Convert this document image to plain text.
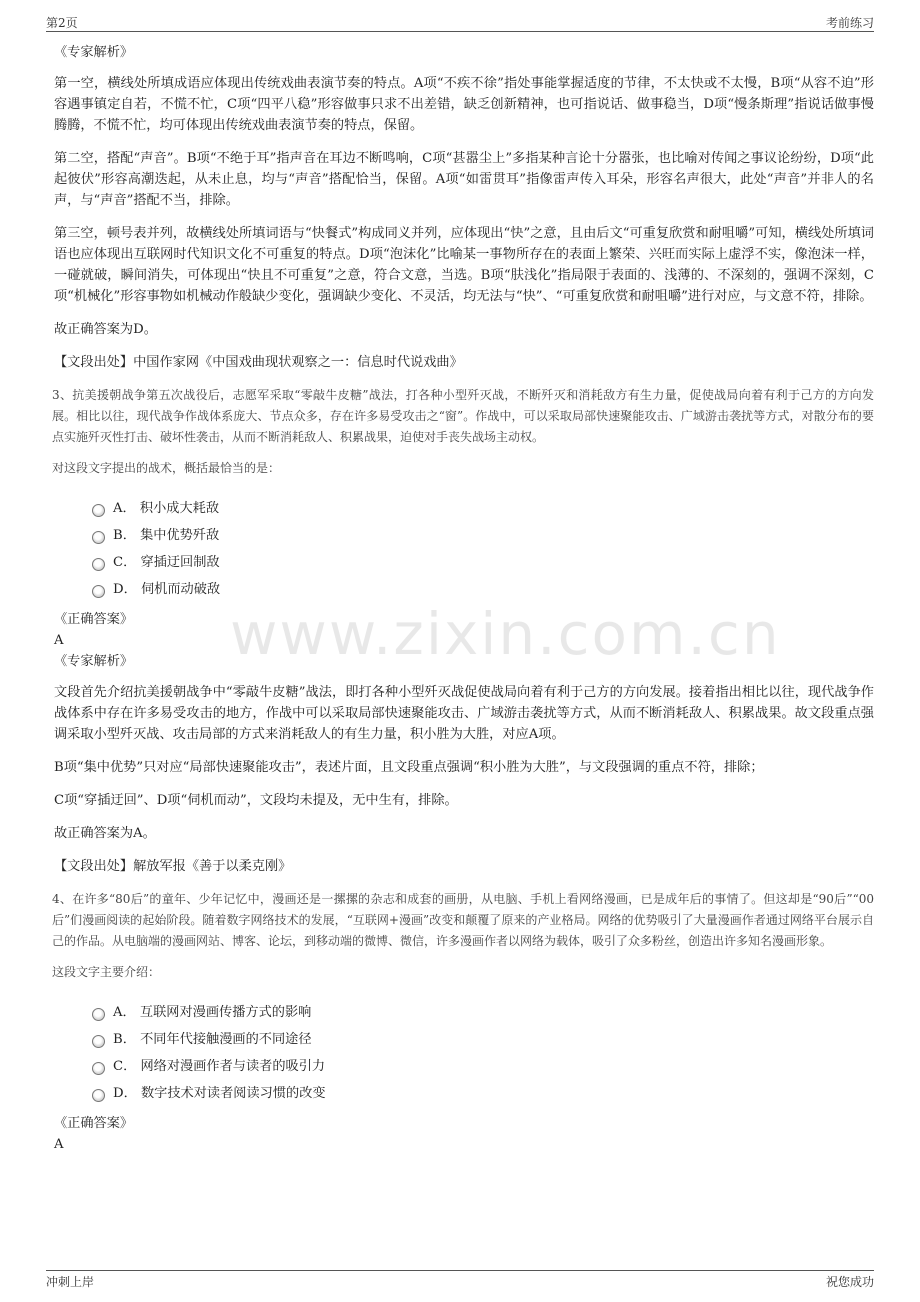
第2页	考前练习
www.zixin.com.cn
《专家解析》
第一空，横线处所填成语应体现出传统戏曲表演节奏的特点。A项“不疾不徐”指处事能掌握适度的节律，不太快或不太慢，B项“从容不迫”形容遇事镇定自若，不慌不忙，C项“四平八稳”形容做事只求不出差错，缺乏创新精神，也可指说话、做事稳当，D项“慢条斯理”指说话做事慢腾腾，不慌不忙，均可体现出传统戏曲表演节奏的特点，保留。
第二空，搭配“声音”。B项“不绝于耳”指声音在耳边不断鸣响，C项“甚嚣尘上”多指某种言论十分嚣张，也比喻对传闻之事议论纷纷，D项“此起彼伏”形容高潮迭起，从未止息，均与“声音”搭配恰当，保留。A项“如雷贯耳”指像雷声传入耳朵，形容名声很大，此处“声音”并非人的名声，与“声音”搭配不当，排除。
第三空，顿号表并列，故横线处所填词语与“快餐式”构成同义并列，应体现出“快”之意，且由后文“可重复欣赏和耐咀嚼”可知，横线处所填词语也应体现出互联网时代知识文化不可重复的特点。D项“泡沫化”比喻某一事物所存在的表面上繁荣、兴旺而实际上虚浮不实，像泡沫一样，一碰就破，瞬间消失，可体现出“快且不可重复”之意，符合文意，当选。B项“肤浅化”指局限于表面的、浅薄的、不深刻的，强调不深刻，C项“机械化”形容事物如机械动作般缺少变化，强调缺少变化、不灵活，均无法与“快”、“可重复欣赏和耐咀嚼”进行对应，与文意不符，排除。
故正确答案为D。
【文段出处】中国作家网《中国戏曲现状观察之一：信息时代说戏曲》
3、抗美援朝战争第五次战役后，志愿军采取“零敲牛皮糖”战法，打各种小型歼灭战，不断歼灭和消耗敌方有生力量，促使战局向着有利于己方的方向发展。相比以往，现代战争作战体系庞大、节点众多，存在许多易受攻击之“窗”。作战中，可以采取局部快速聚能攻击、广域游击袭扰等方式，对散分布的要点实施歼灭性打击、破坏性袭击，从而不断消耗敌人、积累战果，迫使对手丧失战场主动权。
对这段文字提出的战术，概括最恰当的是：
A． 积小成大耗敌
B． 集中优势歼敌
C． 穿插迂回制敌
D． 伺机而动破敌
《正确答案》
A
《专家解析》
文段首先介绍抗美援朝战争中“零敲牛皮糖”战法，即打各种小型歼灭战促使战局向着有利于己方的方向发展。接着指出相比以往，现代战争作战体系中存在许多易受攻击的地方，作战中可以采取局部快速聚能攻击、广域游击袭扰等方式，从而不断消耗敌人、积累战果。故文段重点强调采取小型歼灭战、攻击局部的方式来消耗敌人的有生力量，积小胜为大胜，对应A项。
B项“集中优势”只对应“局部快速聚能攻击”，表述片面，且文段重点强调“积小胜为大胜”，与文段强调的重点不符，排除；
C项“穿插迂回”、D项“伺机而动”，文段均未提及，无中生有，排除。
故正确答案为A。
【文段出处】解放军报《善于以柔克刚》
4、在许多“80后”的童年、少年记忆中，漫画还是一摞摞的杂志和成套的画册，从电脑、手机上看网络漫画，已是成年后的事情了。但这却是“90后”“00后”们漫画阅读的起始阶段。随着数字网络技术的发展，“互联网+漫画”改变和颠覆了原来的产业格局。网络的优势吸引了大量漫画作者通过网络平台展示自己的作品。从电脑端的漫画网站、博客、论坛，到移动端的微博、微信，许多漫画作者以网络为载体，吸引了众多粉丝，创造出许多知名漫画形象。
这段文字主要介绍：
A． 互联网对漫画传播方式的影响
B． 不同年代接触漫画的不同途径
C． 网络对漫画作者与读者的吸引力
D． 数字技术对读者阅读习惯的改变
《正确答案》
A
冲刺上岸	祝您成功
